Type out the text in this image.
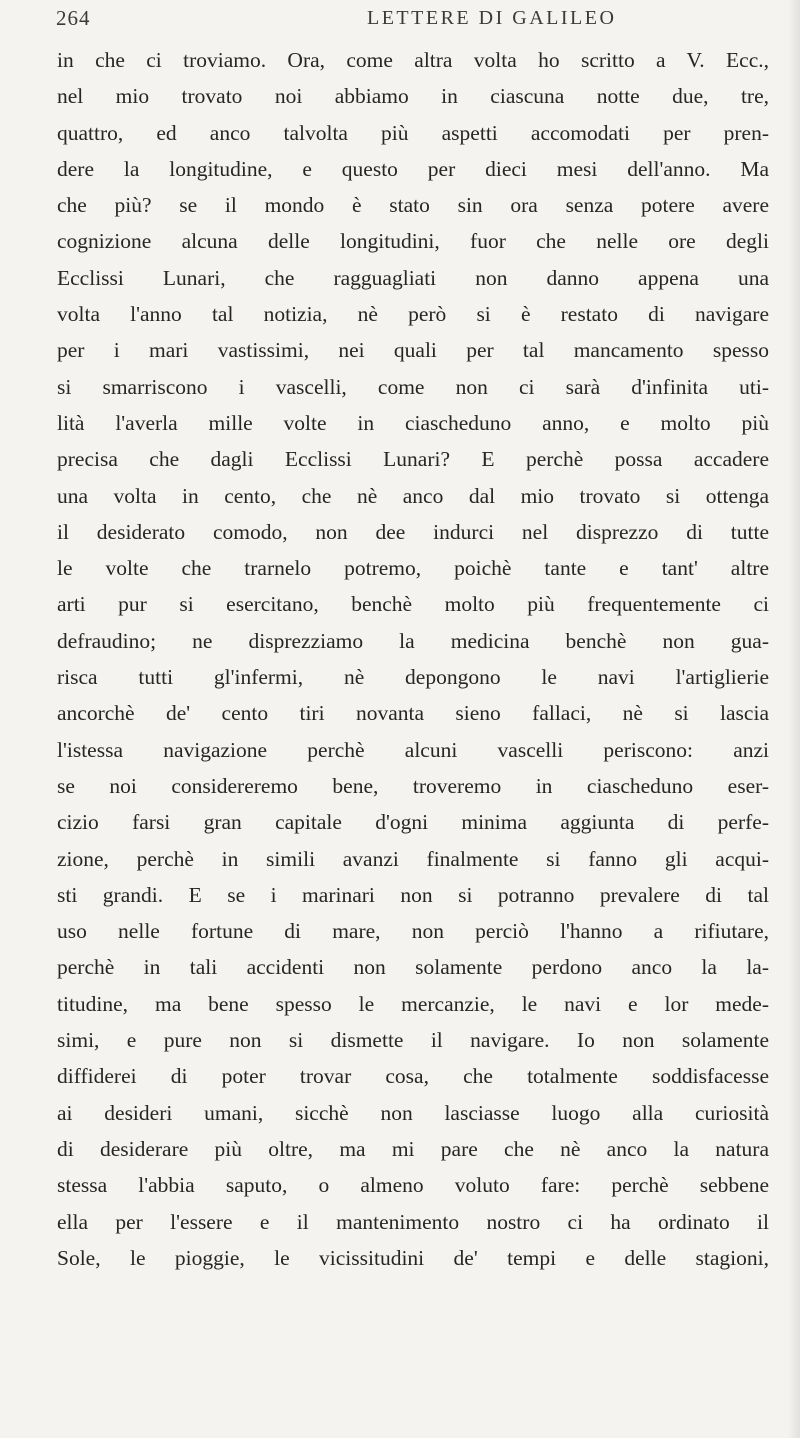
264	LETTERE DI GALILEO
in che ci troviamo. Ora, come altra volta ho scritto a V. Ecc.,
nel mio trovato noi abbiamo in ciascuna notte due, tre,
quattro, ed anco talvolta più aspetti accomodati per pren-
dere la longitudine, e questo per dieci mesi dell'anno. Ma
che più? se il mondo è stato sin ora senza potere avere
cognizione alcuna delle longitudini, fuor che nelle ore degli
Ecclissi Lunari, che ragguagliati non danno appena una
volta l'anno tal notizia, nè però si è restato di navigare
per i mari vastissimi, nei quali per tal mancamento spesso
si smarriscono i vascelli, come non ci sarà d'infinita uti-
lità l'averla mille volte in ciascheduno anno, e molto più
precisa che dagli Ecclissi Lunari? E perchè possa accadere
una volta in cento, che nè anco dal mio trovato si ottenga
il desiderato comodo, non dee indurci nel disprezzo di tutte
le volte che trarnelo potremo, poichè tante e tant' altre
arti pur si esercitano, benchè molto più frequentemente ci
defraudino; ne disprezziamo la medicina benchè non gua-
risca tutti gl'infermi, nè depongono le navi l'artiglierie
ancorchè de' cento tiri novanta sieno fallaci, nè si lascia
l'istessa navigazione perchè alcuni vascelli periscono: anzi
se noi considereremo bene, troveremo in ciascheduno eser-
cizio farsi gran capitale d'ogni minima aggiunta di perfe-
zione, perchè in simili avanzi finalmente si fanno gli acqui-
sti grandi. E se i marinari non si potranno prevalere di tal
uso nelle fortune di mare, non perciò l'hanno a rifiutare,
perchè in tali accidenti non solamente perdono anco la la-
titudine, ma bene spesso le mercanzie, le navi e lor mede-
simi, e pure non si dismette il navigare. Io non solamente
diffiderei di poter trovar cosa, che totalmente soddisfacesse
ai desideri umani, sicchè non lasciasse luogo alla curiosità
di desiderare più oltre, ma mi pare che nè anco la natura
stessa l'abbia saputo, o almeno voluto fare: perchè sebbene
ella per l'essere e il mantenimento nostro ci ha ordinato il
Sole, le pioggie, le vicissitudini de' tempi e delle stagioni,
